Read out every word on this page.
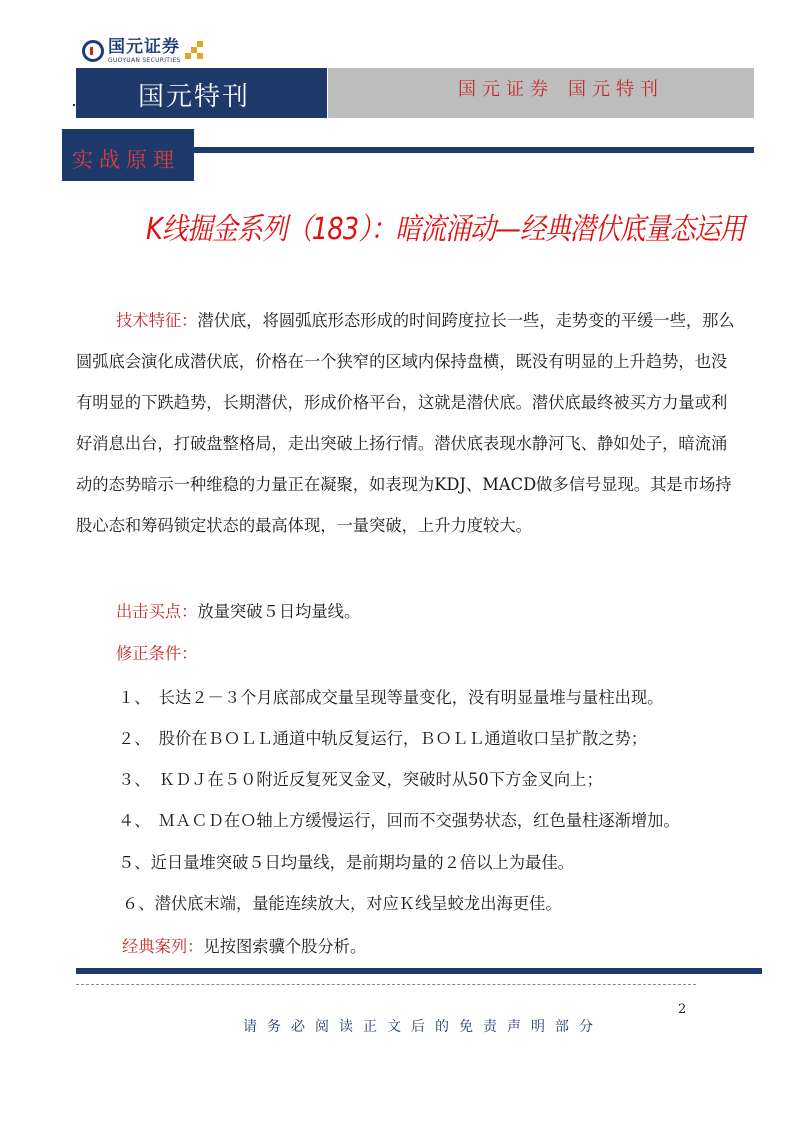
国元证券
GUOYUAN SECURITIES
国元特刊	国元证券 国元特刊
实战原理
K线掘金系列（183）：暗流涌动—经典潜伏底量态运用
技术特征：潜伏底，将圆弧底形态形成的时间跨度拉长一些，走势变的平缓一些，那么圆弧底会演化成潜伏底，价格在一个狭窄的区域内保持盘横，既没有明显的上升趋势，也没有明显的下跌趋势，长期潜伏，形成价格平台，这就是潜伏底。潜伏底最终被买方力量或利好消息出台，打破盘整格局，走出突破上扬行情。潜伏底表现水静河飞、静如处子，暗流涌动的态势暗示一种维稳的力量正在凝聚，如表现为KDJ、MACD做多信号显现。其是市场持股心态和筹码锁定状态的最高体现，一量突破，上升力度较大。
出击买点：放量突破５日均量线。
修正条件：
１、　长达２－３个月底部成交量呈现等量变化，没有明显量堆与量柱出现。
２、　股价在ＢＯＬＬ通道中轨反复运行，ＢＯＬＬ通道收口呈扩散之势；
３、　ＫＤＪ在５０附近反复死叉金叉，突破时从50下方金叉向上；
４、　ＭＡＣＤ在Ｏ轴上方缓慢运行，回而不交强势状态，红色量柱逐渐增加。
５、近日量堆突破５日均量线，是前期均量的２倍以上为最佳。
６、潜伏底末端，量能连续放大，对应Ｋ线呈蛟龙出海更佳。
经典案列：见按图索骥个股分析。
2
请务必阅读正文后的免责声明部分
